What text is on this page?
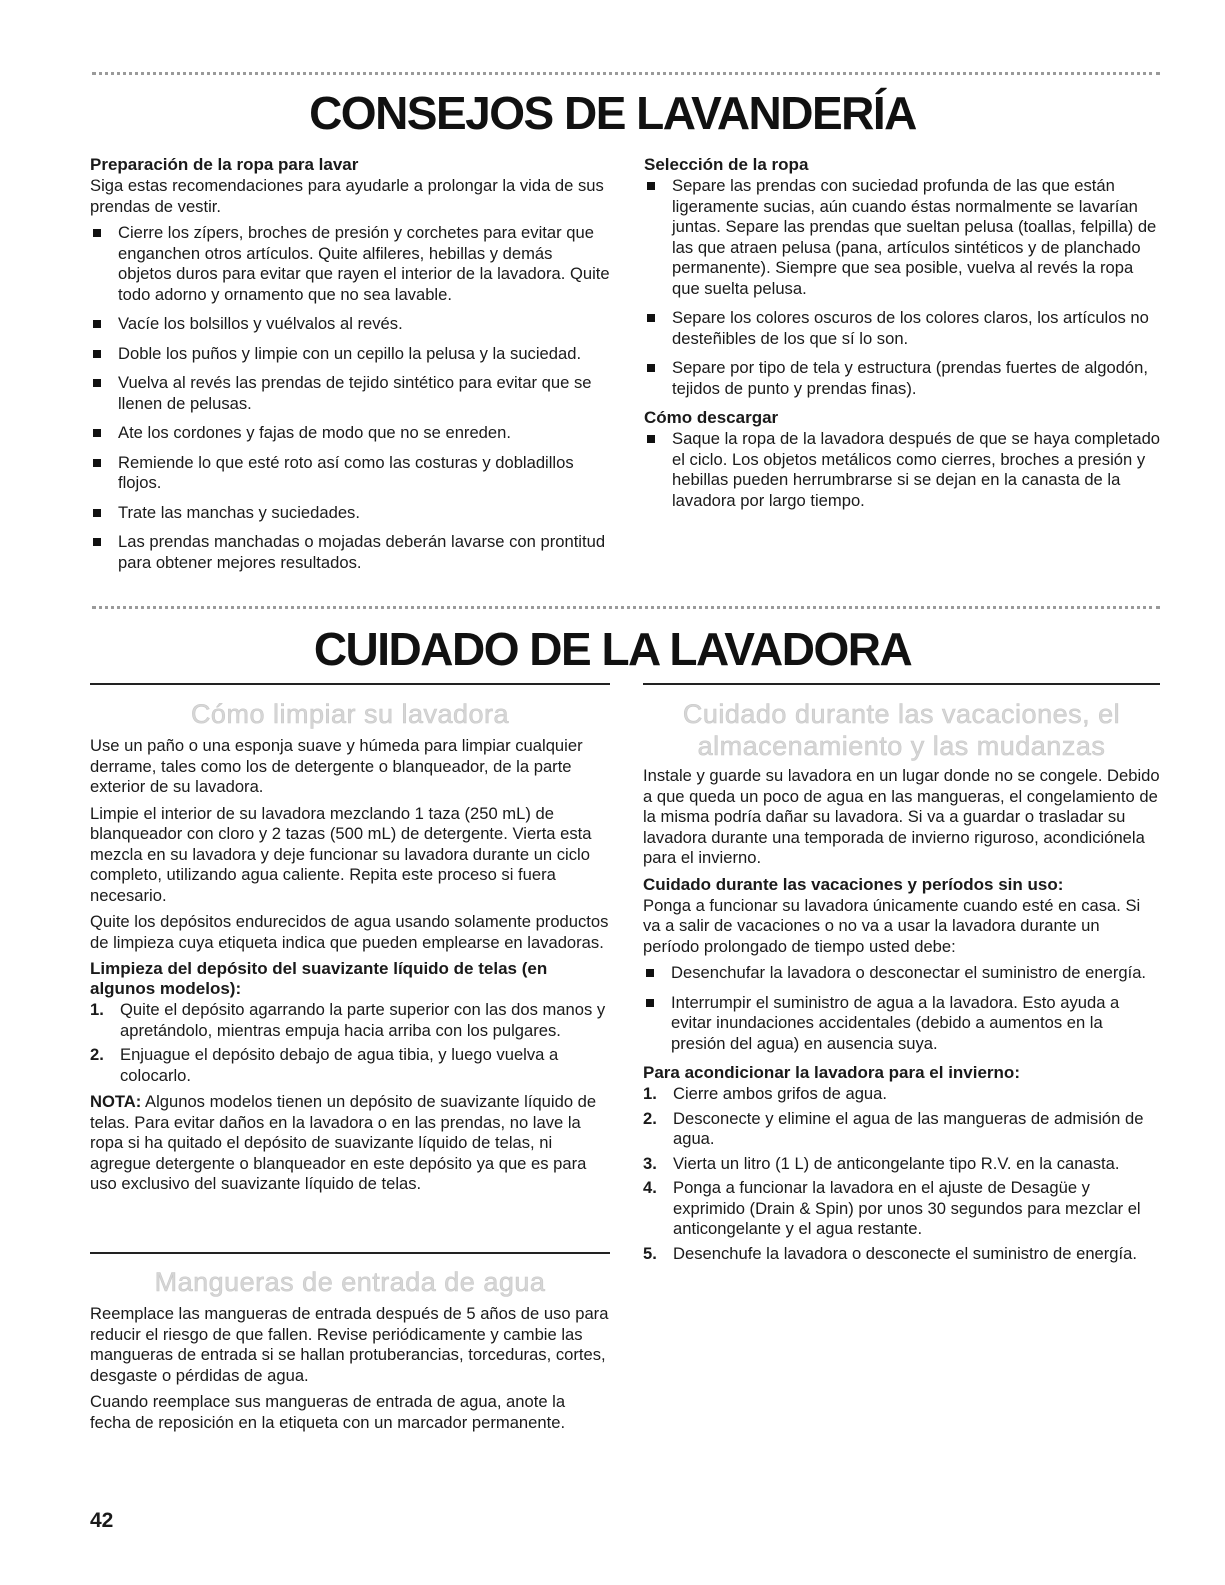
CONSEJOS DE LAVANDERÍA
Preparación de la ropa para lavar

Siga estas recomendaciones para ayudarle a prolongar la vida de sus prendas de vestir.

Cierre los zípers, broches de presión y corchetes para evitar que enganchen otros artículos. Quite alfileres, hebillas y demás objetos duros para evitar que rayen el interior de la lavadora. Quite todo adorno y ornamento que no sea lavable.
Vacíe los bolsillos y vuélvalos al revés.
Doble los puños y limpie con un cepillo la pelusa y la suciedad.
Vuelva al revés las prendas de tejido sintético para evitar que se llenen de pelusas.
Ate los cordones y fajas de modo que no se enreden.
Remiende lo que esté roto así como las costuras y dobladillos flojos.
Trate las manchas y suciedades.
Las prendas manchadas o mojadas deberán lavarse con prontitud para obtener mejores resultados.
Selección de la ropa
Separe las prendas con suciedad profunda de las que están ligeramente sucias, aún cuando éstas normalmente se lavarían juntas. Separe las prendas que sueltan pelusa (toallas, felpilla) de las que atraen pelusa (pana, artículos sintéticos y de planchado permanente). Siempre que sea posible, vuelva al revés la ropa que suelta pelusa.
Separe los colores oscuros de los colores claros, los artículos no desteñibles de los que sí lo son.
Separe por tipo de tela y estructura (prendas fuertes de algodón, tejidos de punto y prendas finas).
Cómo descargar
Saque la ropa de la lavadora después de que se haya completado el ciclo. Los objetos metálicos como cierres, broches a presión y hebillas pueden herrumbrarse si se dejan en la canasta de la lavadora por largo tiempo.
CUIDADO DE LA LAVADORA
Cómo limpiar su lavadora

Use un paño o una esponja suave y húmeda para limpiar cualquier derrame, tales como los de detergente o blanqueador, de la parte exterior de su lavadora.

Limpie el interior de su lavadora mezclando 1 taza (250 mL) de blanqueador con cloro y 2 tazas (500 mL) de detergente. Vierta esta mezcla en su lavadora y deje funcionar su lavadora durante un ciclo completo, utilizando agua caliente. Repita este proceso si fuera necesario.

Quite los depósitos endurecidos de agua usando solamente productos de limpieza cuya etiqueta indica que pueden emplearse en lavadoras.

Limpieza del depósito del suavizante líquido de telas (en algunos modelos):
1. Quite el depósito agarrando la parte superior con las dos manos y apretándolo, mientras empuja hacia arriba con los pulgares.
2. Enjuague el depósito debajo de agua tibia, y luego vuelva a colocarlo.

NOTA: Algunos modelos tienen un depósito de suavizante líquido de telas. Para evitar daños en la lavadora o en las prendas, no lave la ropa si ha quitado el depósito de suavizante líquido de telas, ni agregue detergente o blanqueador en este depósito ya que es para uso exclusivo del suavizante líquido de telas.

Mangueras de entrada de agua

Reemplace las mangueras de entrada después de 5 años de uso para reducir el riesgo de que fallen. Revise periódicamente y cambie las mangueras de entrada si se hallan protuberancias, torceduras, cortes, desgaste o pérdidas de agua.

Cuando reemplace sus mangueras de entrada de agua, anote la fecha de reposición en la etiqueta con un marcador permanente.

Cuidado durante las vacaciones, el
almacenamiento y las mudanzas

Instale y guarde su lavadora en un lugar donde no se congele. Debido a que queda un poco de agua en las mangueras, el congelamiento de la misma podría dañar su lavadora. Si va a guardar o trasladar su lavadora durante una temporada de invierno riguroso, acondiciónela para el invierno.

Cuidado durante las vacaciones y períodos sin uso:

Ponga a funcionar su lavadora únicamente cuando esté en casa. Si va a salir de vacaciones o no va a usar la lavadora durante un período prolongado de tiempo usted debe:

Desenchufar la lavadora o desconectar el suministro de energía.
Interrumpir el suministro de agua a la lavadora. Esto ayuda a evitar inundaciones accidentales (debido a aumentos en la presión del agua) en ausencia suya.
Para acondicionar la lavadora para el invierno:
1. Cierre ambos grifos de agua.
2. Desconecte y elimine el agua de las mangueras de admisión de agua.
3. Vierta un litro (1 L) de anticongelante tipo R.V. en la canasta.
4. Ponga a funcionar la lavadora en el ajuste de Desagüe y exprimido (Drain & Spin) por unos 30 segundos para mezclar el anticongelante y el agua restante.
5. Desenchufe la lavadora o desconecte el suministro de energía.
42
